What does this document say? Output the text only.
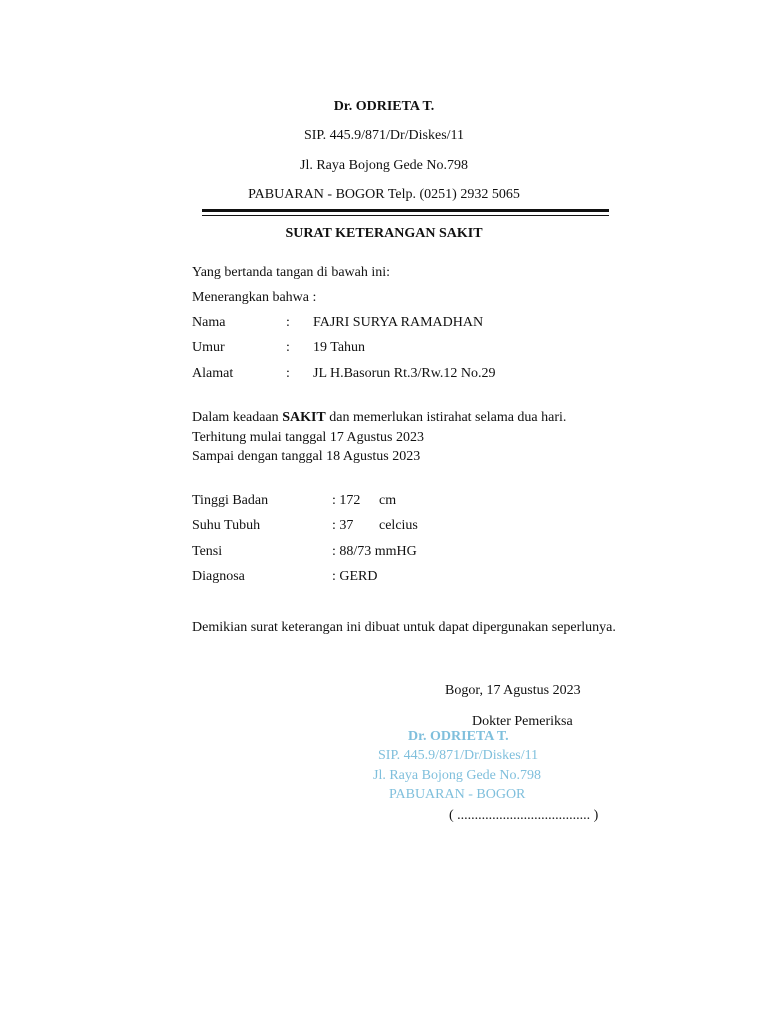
Dr. ODRIETA T.
SIP. 445.9/871/Dr/Diskes/11
Jl. Raya Bojong Gede No.798
PABUARAN - BOGOR Telp. (0251) 2932 5065
SURAT KETERANGAN SAKIT
Yang bertanda tangan di bawah ini:
Menerangkan bahwa :
Nama	: FAJRI SURYA RAMADHAN
Umur	: 19 Tahun
Alamat	: JL H.Basorun Rt.3/Rw.12 No.29
Dalam keadaan SAKIT dan memerlukan istirahat selama dua hari.
Terhitung mulai tanggal 17 Agustus 2023
Sampai dengan tanggal 18 Agustus 2023
Tinggi Badan	: 172 cm
Suhu Tubuh	: 37 celcius
Tensi	: 88/73 mmHG
Diagnosa	: GERD
Demikian surat keterangan ini dibuat untuk dapat dipergunakan seperlunya.
Bogor, 17 Agustus 2023
Dokter Pemeriksa
Dr. ODRIETA T.
SIP. 445.9/871/Dr/Diskes/11
Jl. Raya Bojong Gede No.798
PABUARAN - BOGOR
( ...................................... )
